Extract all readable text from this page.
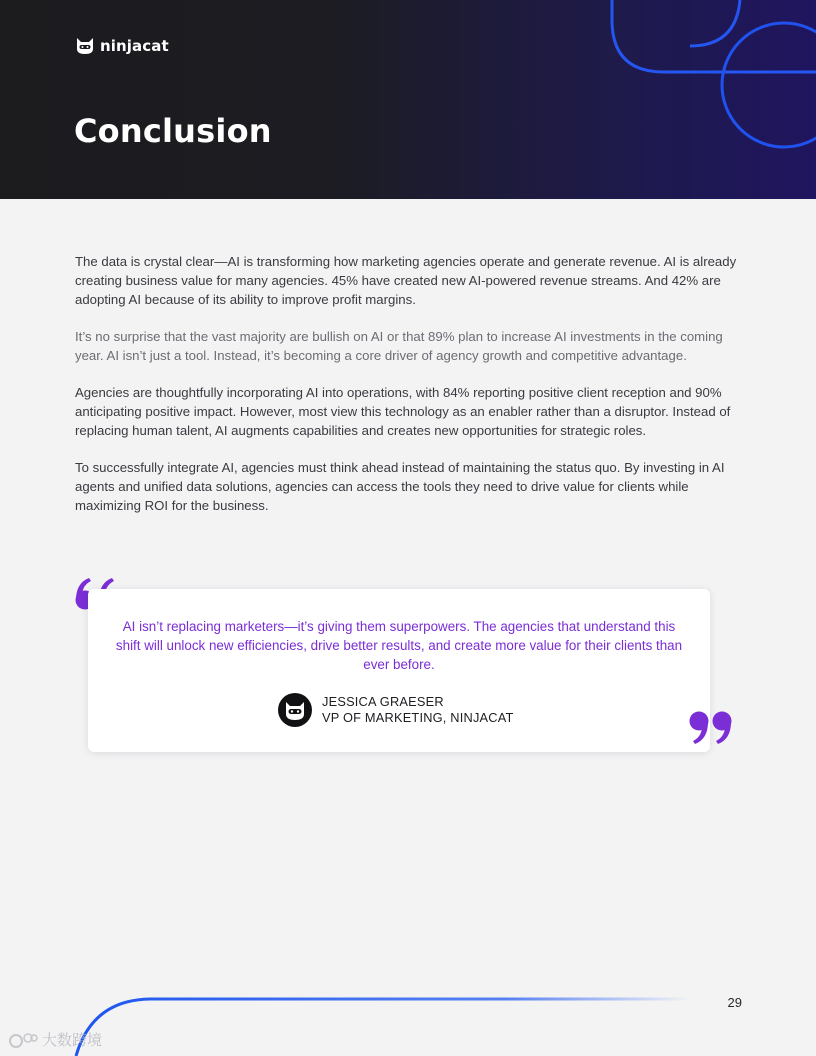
ninjacat
Conclusion

The data is crystal clear—AI is transforming how marketing agencies operate and generate revenue. AI is already creating business value for many agencies. 45% have created new AI-powered revenue streams. And 42% are adopting AI because of its ability to improve profit margins.

It’s no surprise that the vast majority are bullish on AI or that 89% plan to increase AI investments in the coming year. AI isn’t just a tool. Instead, it’s becoming a core driver of agency growth and competitive advantage.

Agencies are thoughtfully incorporating AI into operations, with 84% reporting positive client reception and 90% anticipating positive impact. However, most view this technology as an enabler rather than a disruptor. Instead of replacing human talent, AI augments capabilities and creates new opportunities for strategic roles.

To successfully integrate AI, agencies must think ahead instead of maintaining the status quo. By investing in AI agents and unified data solutions, agencies can access the tools they need to drive value for clients while maximizing ROI for the business.

AI isn’t replacing marketers—it’s giving them superpowers. The agencies that understand this shift will unlock new efficiencies, drive better results, and create more value for their clients than ever before.

JESSICA GRAESER
VP OF MARKETING, NINJACAT
29
大数跨境
